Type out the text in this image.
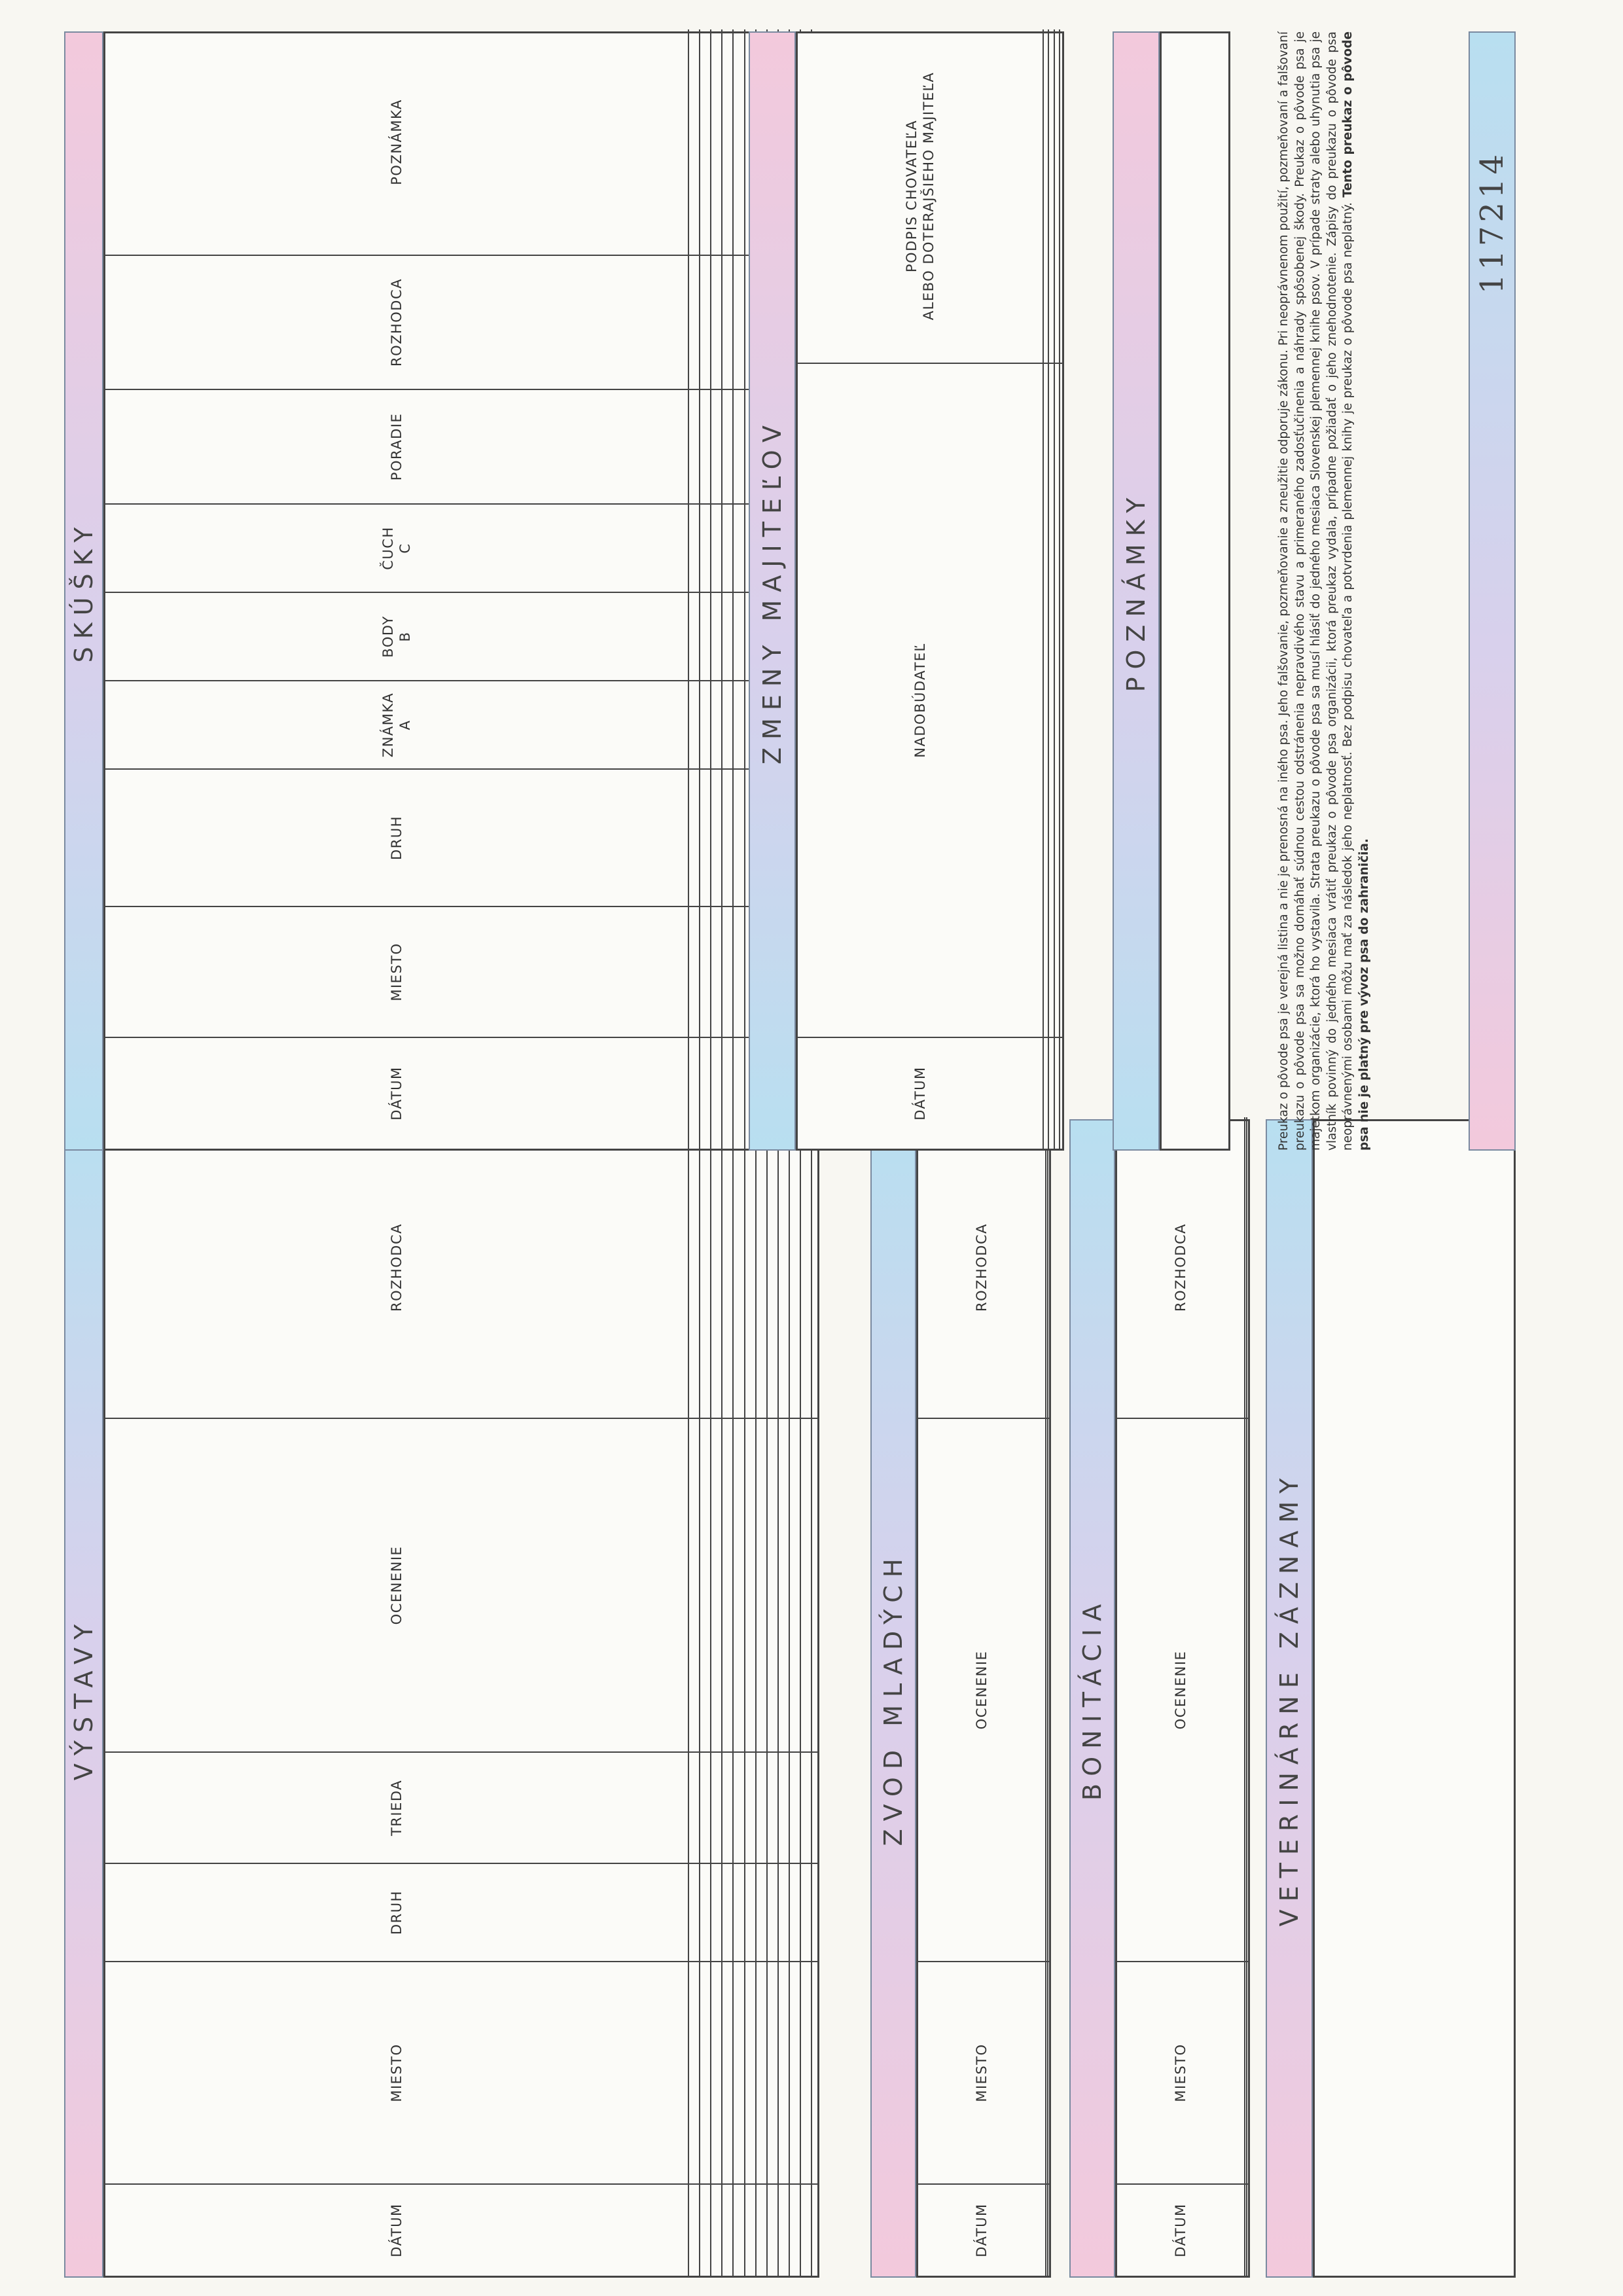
VÝSTAVY
DÁTUM	MIESTO	DRUH	TRIEDA	OCENENIE	ROZHODCA

ZVOD MLADÝCH
DÁTUM	MIESTO	OCENENIE	ROZHODCA

BONITÁCIA
DÁTUM	MIESTO	OCENENIE	ROZHODCA

VETERINÁRNE ZÁZNAMY
SKÚŠKY
DÁTUM	MIESTO	DRUH	ZNÁMKA A	BODY B	ČUCH C	PORADIE	ROZHODCA	POZNÁMKA

ZMENY MAJITEĽOV
DÁTUM	NADOBÚDATEĽ	PODPIS CHOVATEĽA ALEBO DOTERAJŠIEHO MAJITEĽA

POZNÁMKY	Preukaz o pôvode psa je verejná listina a nie je prenosná na iného psa. Jeho falšovanie, pozmeňovanie a zneužitie odporuje zákonu. Pri neoprávnenom použití, pozmeňovaní a falšovaní preukazu o pôvode psa sa možno domáhať súdnou cestou odstránenia nepravdivého stavu a primeraného zadosťučinenia a náhrady spôsobenej škody. Preukaz o pôvode psa je majetkom organizácie, ktorá ho vystavila. Strata preukazu o pôvode psa sa musí hlásiť do jedného mesiaca Slovenskej plemennej knihe psov. V prípade straty alebo uhynutia psa je vlastník povinný do jedného mesiaca vrátiť preukaz o pôvode psa organizácii, ktorá preukaz vydala, prípadne požiadať o jeho znehodnotenie. Zápisy do preukazu o pôvode psa neoprávnenými osobami môžu mať za následok jeho neplatnosť. Bez podpisu chovateľa a potvrdenia plemennej knihy je preukaz o pôvode psa neplatný. Tento preukaz o pôvode psa nie je platný pre vývoz psa do zahraničia.
117214
